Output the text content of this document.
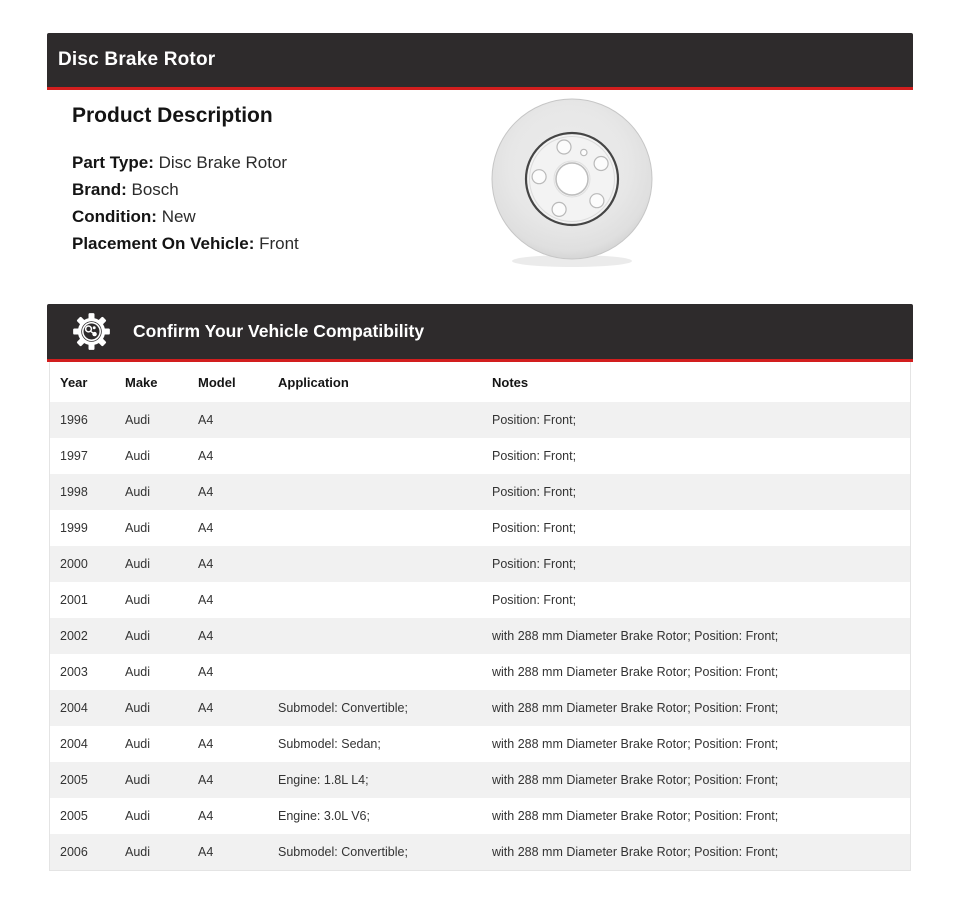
Disc Brake Rotor
Product Description
Part Type: Disc Brake Rotor
Brand: Bosch
Condition: New
Placement On Vehicle: Front
Confirm Your Vehicle Compatibility
Year	Make	Model	Application	Notes
1996	Audi	A4		Position: Front;
1997	Audi	A4		Position: Front;
1998	Audi	A4		Position: Front;
1999	Audi	A4		Position: Front;
2000	Audi	A4		Position: Front;
2001	Audi	A4		Position: Front;
2002	Audi	A4		with 288 mm Diameter Brake Rotor; Position: Front;
2003	Audi	A4		with 288 mm Diameter Brake Rotor; Position: Front;
2004	Audi	A4	Submodel: Convertible;	with 288 mm Diameter Brake Rotor; Position: Front;
2004	Audi	A4	Submodel: Sedan;	with 288 mm Diameter Brake Rotor; Position: Front;
2005	Audi	A4	Engine: 1.8L L4;	with 288 mm Diameter Brake Rotor; Position: Front;
2005	Audi	A4	Engine: 3.0L V6;	with 288 mm Diameter Brake Rotor; Position: Front;
2006	Audi	A4	Submodel: Convertible;	with 288 mm Diameter Brake Rotor; Position: Front;
